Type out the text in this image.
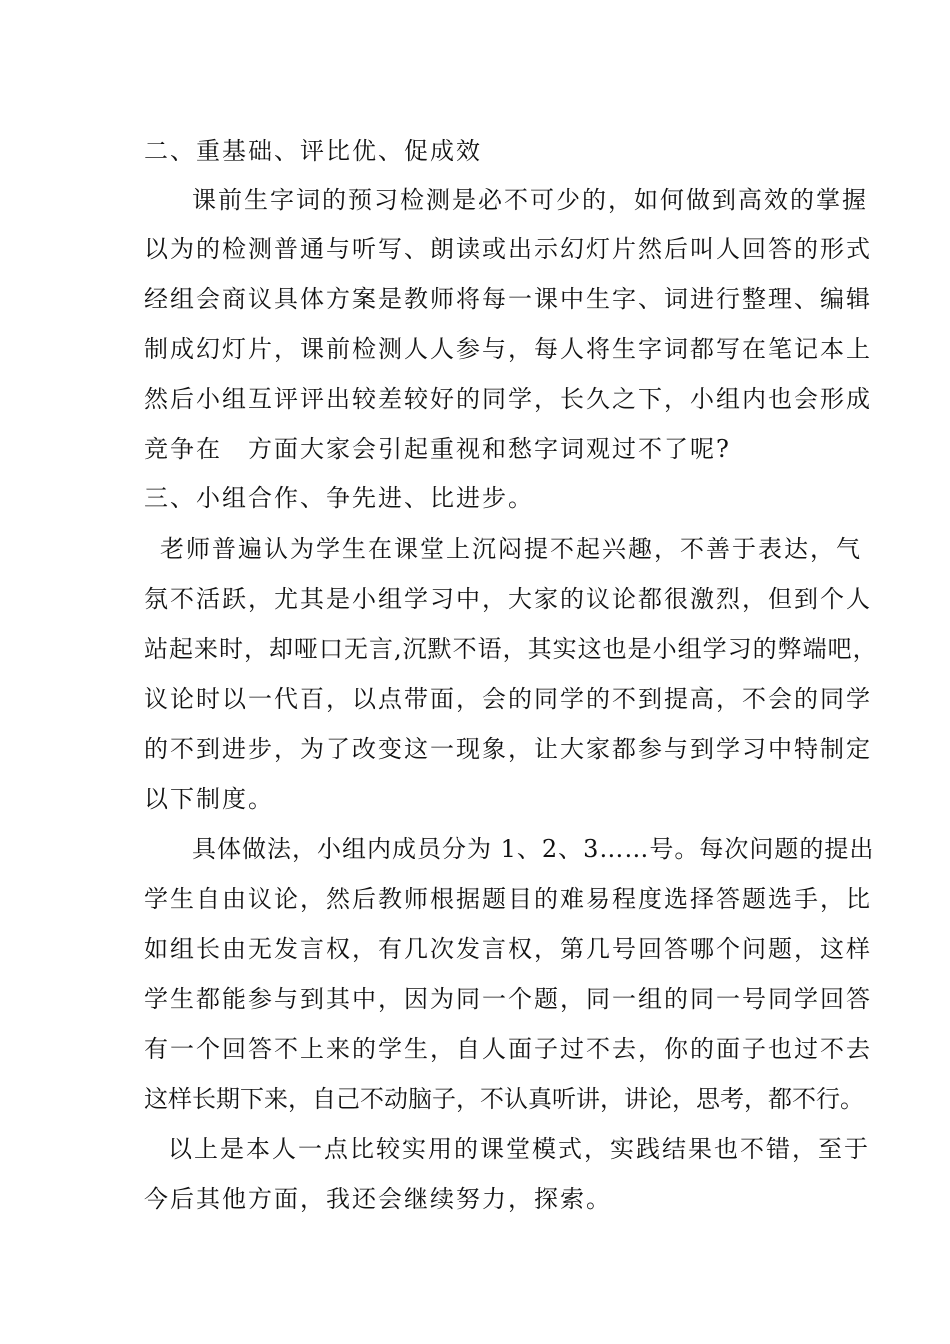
二、重基础、评比优、促成效
课前生字词的预习检测是必不可少的，如何做到高效的掌握
以为的检测普通与听写、朗读或出示幻灯片然后叫人回答的形式
经组会商议具体方案是教师将每一课中生字、词进行整理、编辑
制成幻灯片，课前检测人人参与，每人将生字词都写在笔记本上
然后小组互评评出较差较好的同学，长久之下，小组内也会形成
竞争在　方面大家会引起重视和愁字词观过不了呢?
三、小组合作、争先进、比进步。
老师普遍认为学生在课堂上沉闷提不起兴趣，不善于表达，气
氛不活跃，尤其是小组学习中，大家的议论都很激烈，但到个人
站起来时，却哑口无言,沉默不语，其实这也是小组学习的弊端吧，
议论时以一代百，以点带面，会的同学的不到提高，不会的同学
的不到进步，为了改变这一现象，让大家都参与到学习中特制定
以下制度。
具体做法，小组内成员分为 1、2、3……号。每次问题的提出
学生自由议论，然后教师根据题目的难易程度选择答题选手，比
如组长由无发言权，有几次发言权，第几号回答哪个问题，这样
学生都能参与到其中，因为同一个题，同一组的同一号同学回答
有一个回答不上来的学生，自人面子过不去，你的面子也过不去
这样长期下来，自己不动脑子，不认真听讲，讲论，思考，都不行。
以上是本人一点比较实用的课堂模式，实践结果也不错，至于
今后其他方面，我还会继续努力，探索。
